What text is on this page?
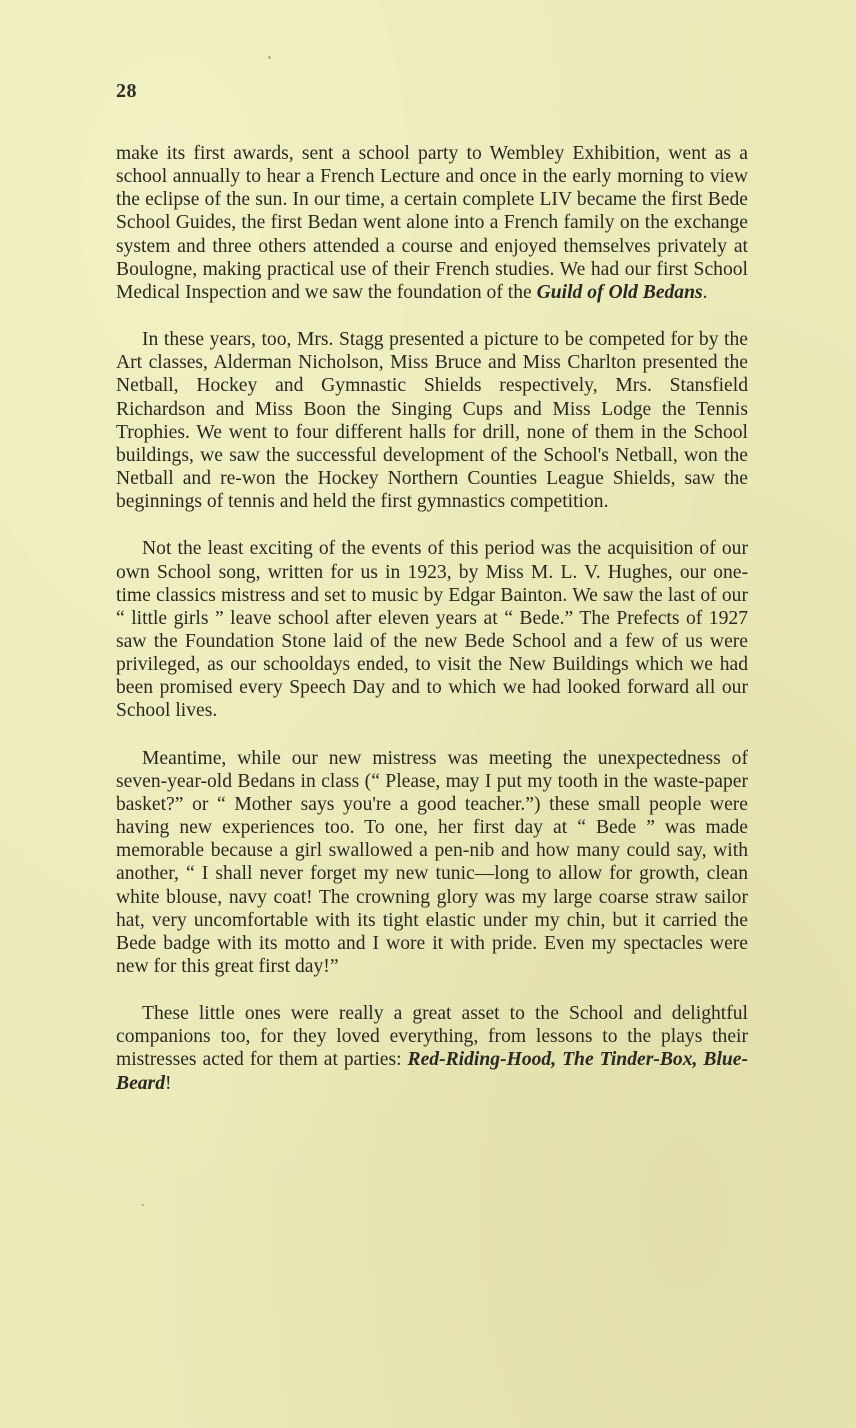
28

make its first awards, sent a school party to Wembley Exhibition, went as a school annually to hear a French Lecture and once in the early morning to view the eclipse of the sun. In our time, a certain complete LIV became the first Bede School Guides, the first Bedan went alone into a French family on the exchange system and three others attended a course and enjoyed themselves privately at Boulogne, making practical use of their French studies. We had our first School Medical Inspection and we saw the foundation of the Guild of Old Bedans.

In these years, too, Mrs. Stagg presented a picture to be competed for by the Art classes, Alderman Nicholson, Miss Bruce and Miss Charlton presented the Netball, Hockey and Gymnastic Shields respectively, Mrs. Stansfield Richardson and Miss Boon the Singing Cups and Miss Lodge the Tennis Trophies. We went to four different halls for drill, none of them in the School buildings, we saw the successful development of the School's Netball, won the Netball and re-won the Hockey Northern Counties League Shields, saw the beginnings of tennis and held the first gymnastics competition.

Not the least exciting of the events of this period was the acquisition of our own School song, written for us in 1923, by Miss M. L. V. Hughes, our one-time classics mistress and set to music by Edgar Bainton. We saw the last of our “ little girls ” leave school after eleven years at “ Bede.” The Prefects of 1927 saw the Foundation Stone laid of the new Bede School and a few of us were privileged, as our schooldays ended, to visit the New Buildings which we had been promised every Speech Day and to which we had looked forward all our School lives.

Meantime, while our new mistress was meeting the unexpectedness of seven-year-old Bedans in class (“ Please, may I put my tooth in the waste-paper basket?” or “ Mother says you're a good teacher.”) these small people were having new experiences too. To one, her first day at “ Bede ” was made memorable because a girl swallowed a pen-nib and how many could say, with another, “ I shall never forget my new tunic—long to allow for growth, clean white blouse, navy coat! The crowning glory was my large coarse straw sailor hat, very uncomfortable with its tight elastic under my chin, but it carried the Bede badge with its motto and I wore it with pride. Even my spectacles were new for this great first day!”

These little ones were really a great asset to the School and delightful companions too, for they loved everything, from lessons to the plays their mistresses acted for them at parties: Red-Riding-Hood, The Tinder-Box, Blue-Beard!
